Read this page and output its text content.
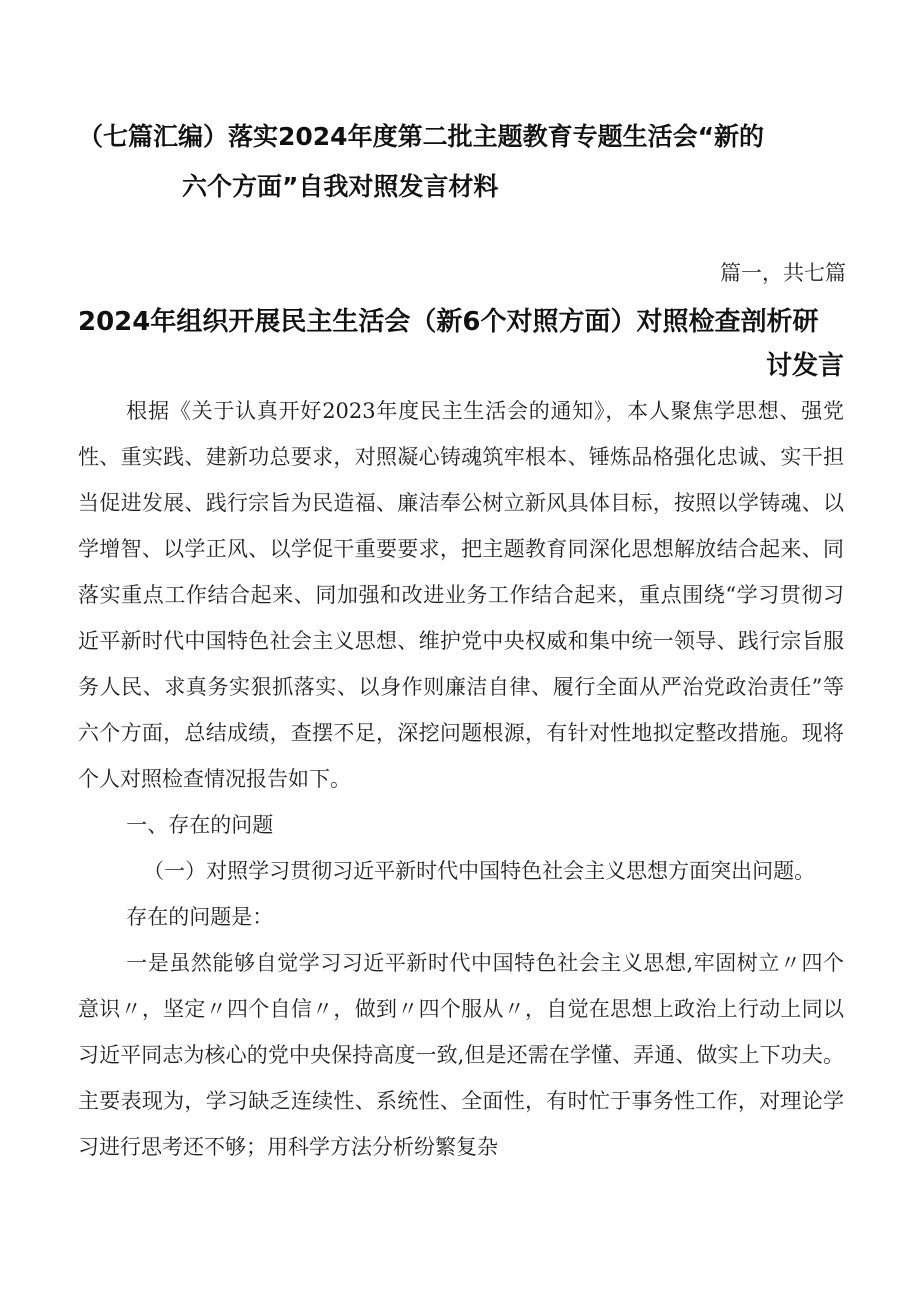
（七篇汇编）落实2024年度第二批主题教育专题生活会“新的
六个方面”自我对照发言材料
篇一，共七篇
2024年组织开展民主生活会（新6个对照方面）对照检查剖析研
讨发言

根据《关于认真开好2023年度民主生活会的通知》，本人聚焦学思想、强党性、重实践、建新功总要求，对照凝心铸魂筑牢根本、锤炼品格强化忠诚、实干担当促进发展、践行宗旨为民造福、廉洁奉公树立新风具体目标，按照以学铸魂、以学增智、以学正风、以学促干重要要求，把主题教育同深化思想解放结合起来、同落实重点工作结合起来、同加强和改进业务工作结合起来，重点围绕“学习贯彻习近平新时代中国特色社会主义思想、维护党中央权威和集中统一领导、践行宗旨服务人民、求真务实狠抓落实、以身作则廉洁自律、履行全面从严治党政治责任”等六个方面，总结成绩，查摆不足，深挖问题根源，有针对性地拟定整改措施。现将个人对照检查情况报告如下。

一、存在的问题

（一）对照学习贯彻习近平新时代中国特色社会主义思想方面突出问题。

存在的问题是：

一是虽然能够自觉学习习近平新时代中国特色社会主义思想,牢固树立〃四个意识〃，坚定〃四个自信〃，做到〃四个服从〃，自觉在思想上政治上行动上同以习近平同志为核心的党中央保持高度一致,但是还需在学懂、弄通、做实上下功夫。主要表现为，学习缺乏连续性、系统性、全面性，有时忙于事务性工作，对理论学习进行思考还不够；用科学方法分析纷繁复杂
